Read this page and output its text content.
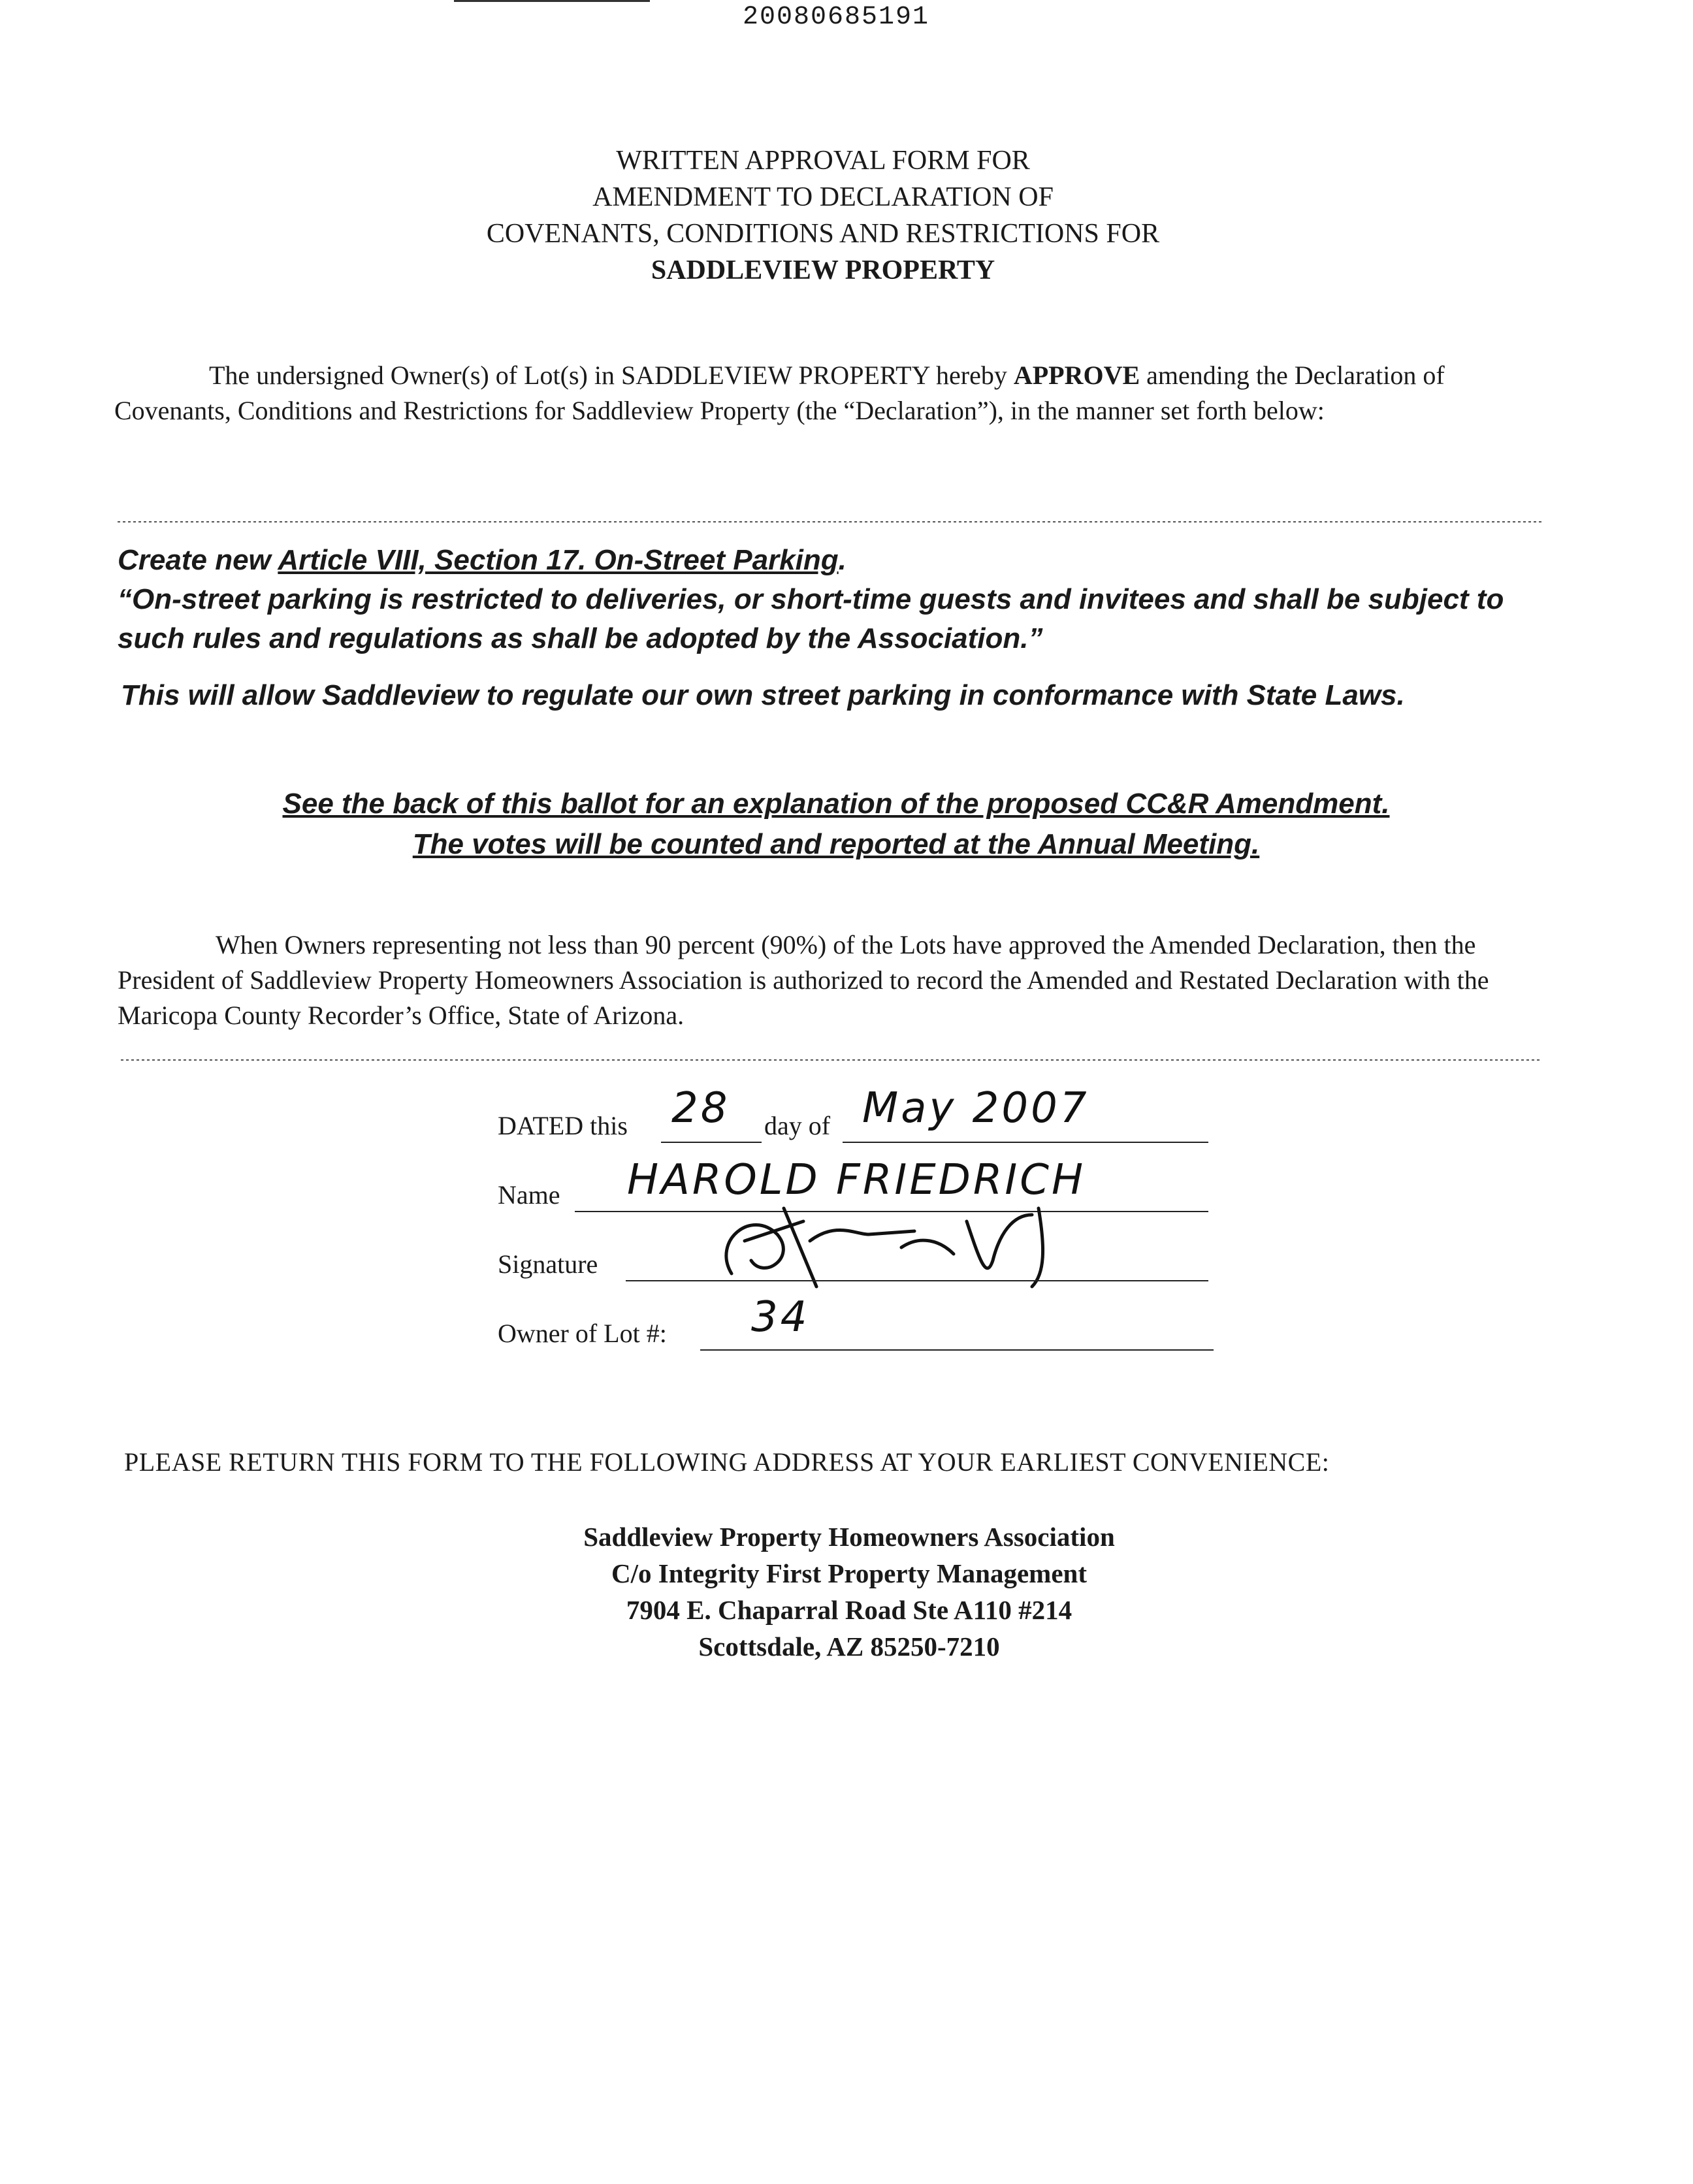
20080685191
WRITTEN APPROVAL FORM FOR
AMENDMENT TO DECLARATION OF
COVENANTS, CONDITIONS AND RESTRICTIONS FOR
SADDLEVIEW PROPERTY
The undersigned Owner(s) of Lot(s) in SADDLEVIEW PROPERTY hereby APPROVE amending the Declaration of Covenants, Conditions and Restrictions for Saddleview Property (the “Declaration”), in the manner set forth below:
Create new Article VIII, Section 17. On-Street Parking.
“On-street parking is restricted to deliveries, or short-time guests and invitees and shall be subject to such rules and regulations as shall be adopted by the Association.”
This will allow Saddleview to regulate our own street parking in conformance with State Laws.
See the back of this ballot for an explanation of the proposed CC&R Amendment.
The votes will be counted and reported at the Annual Meeting.
When Owners representing not less than 90 percent (90%) of the Lots have approved the Amended Declaration, then the President of Saddleview Property Homeowners Association is authorized to record the Amended and Restated Declaration with the Maricopa County Recorder’s Office, State of Arizona.
DATED this 28 day of May 2007
Name HAROLD FRIEDRICH
Signature
Owner of Lot #: 34
PLEASE RETURN THIS FORM TO THE FOLLOWING ADDRESS AT YOUR EARLIEST CONVENIENCE:
Saddleview Property Homeowners Association
C/o Integrity First Property Management
7904 E. Chaparral Road Ste A110 #214
Scottsdale, AZ 85250-7210
